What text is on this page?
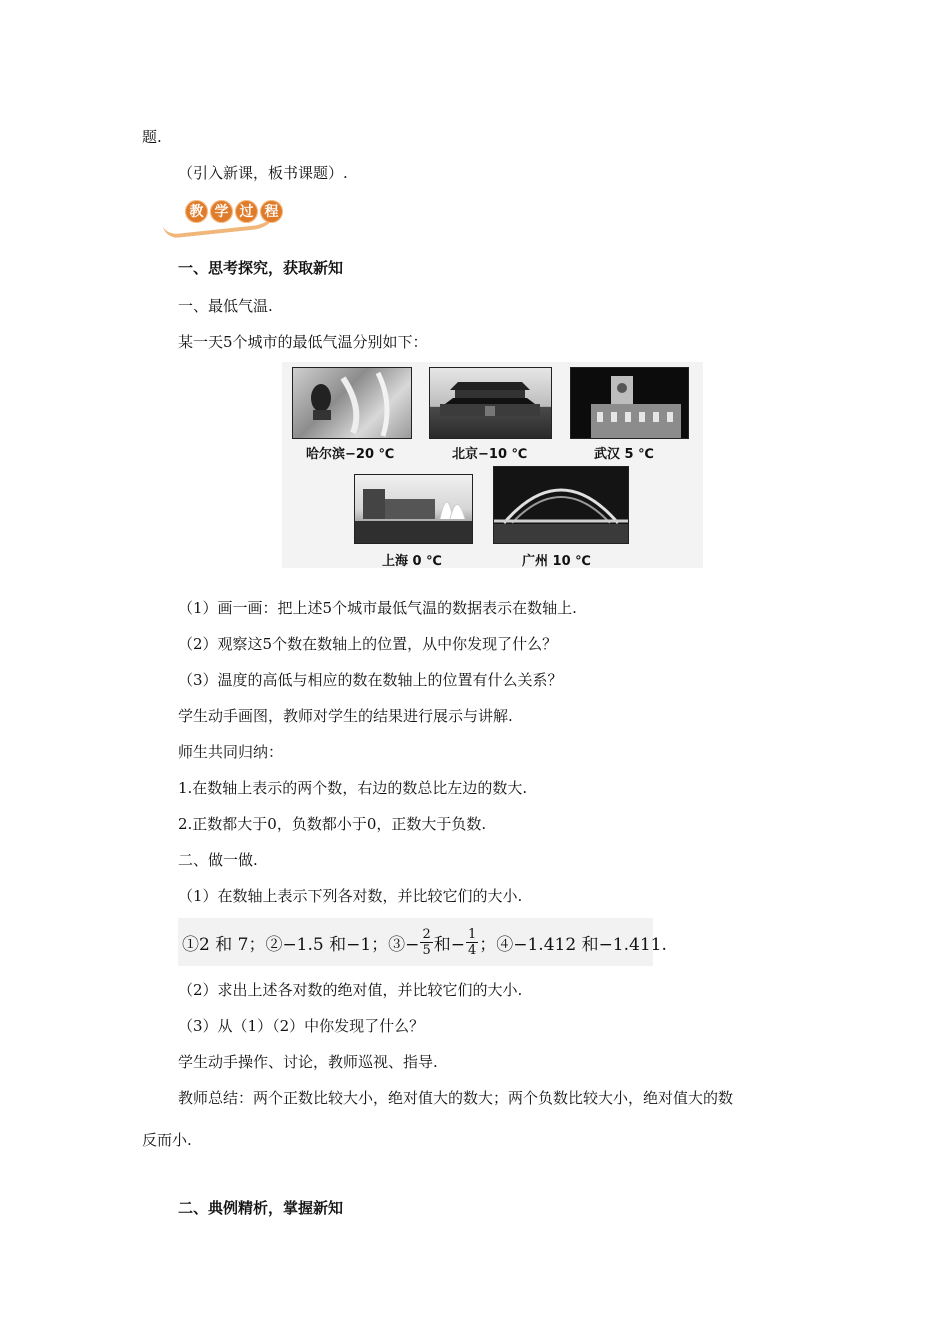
题.
（引入新课，板书课题）.
教 学 过 程
一、思考探究，获取新知
一、最低气温.
某一天5个城市的最低气温分别如下：
哈尔滨−20 ℃	北京−10 ℃	武汉 5 ℃
上海 0 ℃	广州 10 ℃
（1）画一画：把上述5个城市最低气温的数据表示在数轴上.
（2）观察这5个数在数轴上的位置，从中你发现了什么？
（3）温度的高低与相应的数在数轴上的位置有什么关系？
学生动手画图，教师对学生的结果进行展示与讲解.
师生共同归纳：
1.在数轴上表示的两个数，右边的数总比左边的数大.
2.正数都大于0，负数都小于0，正数大于负数.
二、做一做.
（1）在数轴上表示下列各对数，并比较它们的大小.
①2 和 7；②−1.5 和−1；③− $\frac{2}{5}$ 和− $\frac{1}{4}$ ；④−1.412 和−1.411.
（2）求出上述各对数的绝对值，并比较它们的大小.
（3）从（1）（2）中你发现了什么？
学生动手操作、讨论，教师巡视、指导.
教师总结：两个正数比较大小，绝对值大的数大；两个负数比较大小，绝对值大的数
反而小.
二、典例精析，掌握新知
